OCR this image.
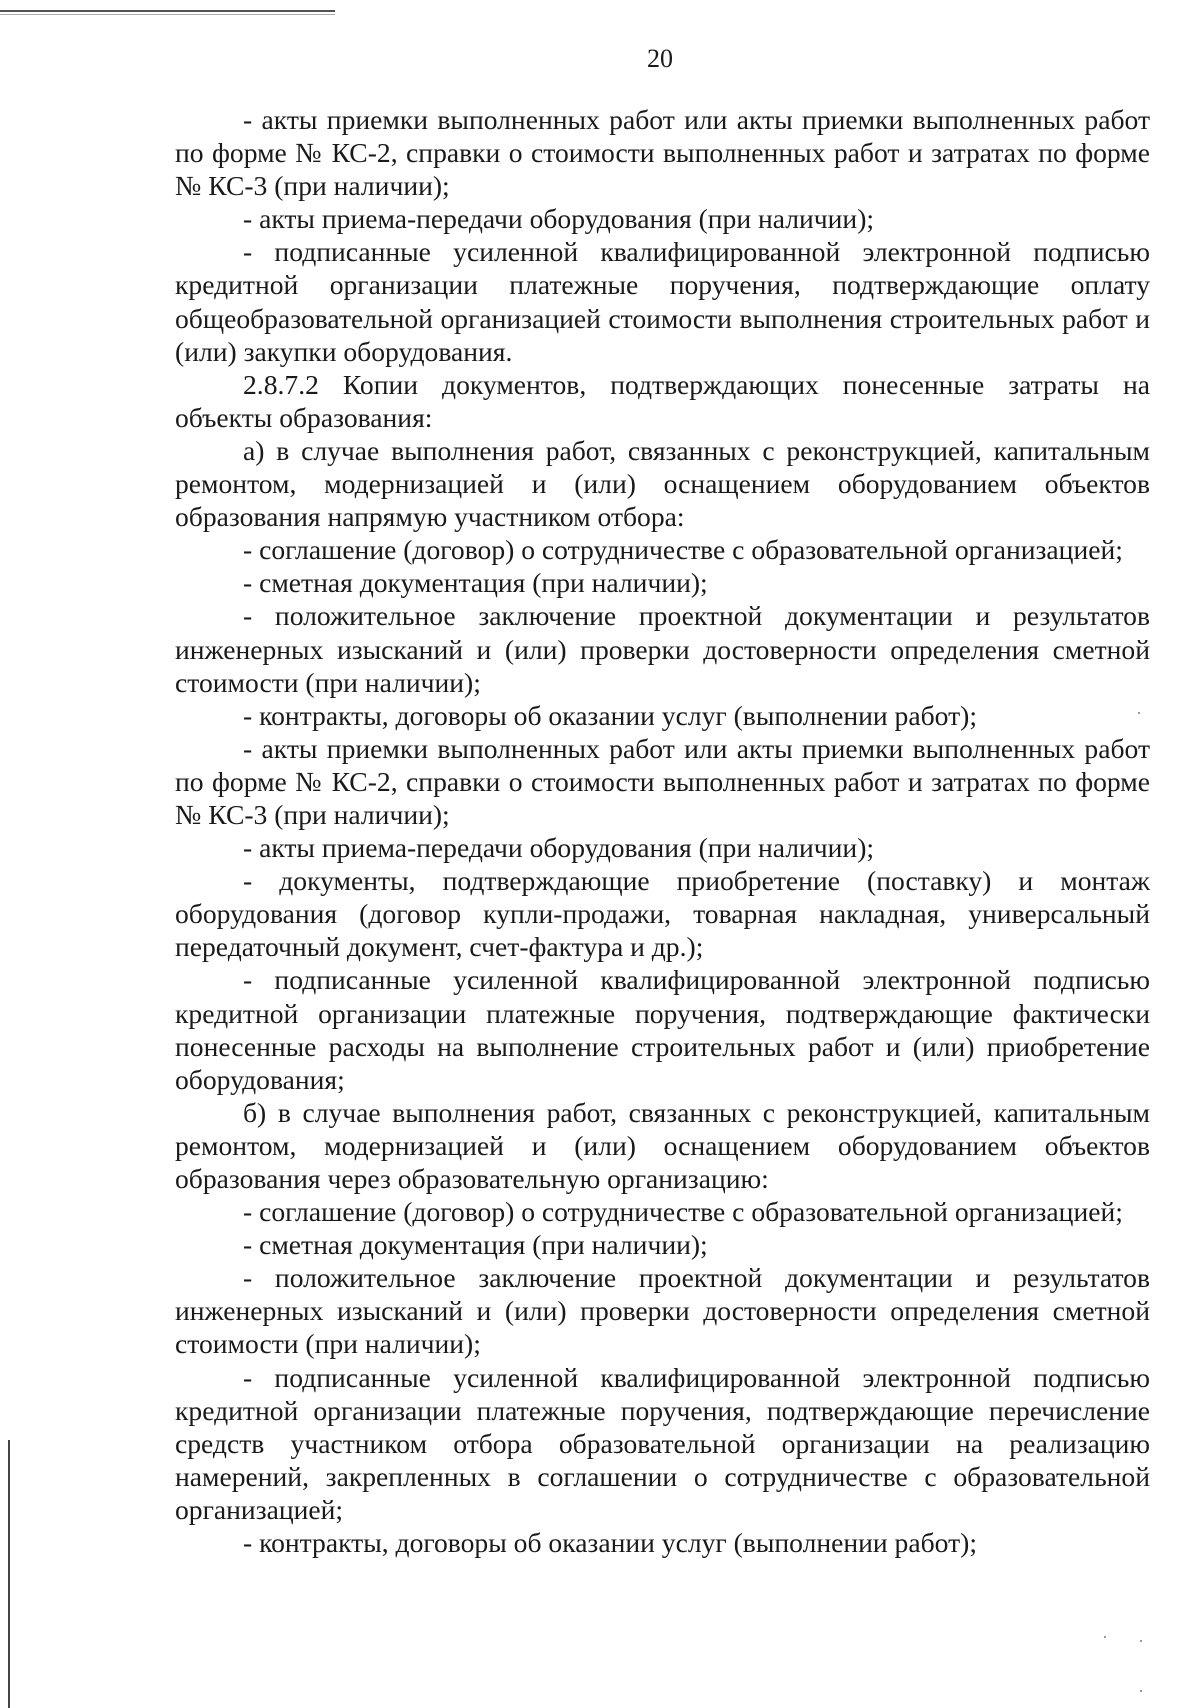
20

- акты приемки выполненных работ или акты приемки выполненных работ по форме № КС-2, справки о стоимости выполненных работ и затратах по форме № КС-3 (при наличии);

- акты приема-передачи оборудования (при наличии);

- подписанные усиленной квалифицированной электронной подписью кредитной организации платежные поручения, подтверждающие оплату общеобразовательной организацией стоимости выполнения строительных работ и (или) закупки оборудования.

2.8.7.2 Копии документов, подтверждающих понесенные затраты на объекты образования:

а) в случае выполнения работ, связанных с реконструкцией, капитальным ремонтом, модернизацией и (или) оснащением оборудованием объектов образования напрямую участником отбора:

- соглашение (договор) о сотрудничестве с образовательной организацией;

- сметная документация (при наличии);

- положительное заключение проектной документации и результатов инженерных изысканий и (или) проверки достоверности определения сметной стоимости (при наличии);

- контракты, договоры об оказании услуг (выполнении работ);

- акты приемки выполненных работ или акты приемки выполненных работ по форме № КС-2, справки о стоимости выполненных работ и затратах по форме № КС-3 (при наличии);

- акты приема-передачи оборудования (при наличии);

- документы, подтверждающие приобретение (поставку) и монтаж оборудования (договор купли-продажи, товарная накладная, универсальный передаточный документ, счет-фактура и др.);

- подписанные усиленной квалифицированной электронной подписью кредитной организации платежные поручения, подтверждающие фактически понесенные расходы на выполнение строительных работ и (или) приобретение оборудования;

б) в случае выполнения работ, связанных с реконструкцией, капитальным ремонтом, модернизацией и (или) оснащением оборудованием объектов образования через образовательную организацию:

- соглашение (договор) о сотрудничестве с образовательной организацией;

- сметная документация (при наличии);

- положительное заключение проектной документации и результатов инженерных изысканий и (или) проверки достоверности определения сметной стоимости (при наличии);

- подписанные усиленной квалифицированной электронной подписью кредитной организации платежные поручения, подтверждающие перечисление средств участником отбора образовательной организации на реализацию намерений, закрепленных в соглашении о сотрудничестве с образовательной организацией;

- контракты, договоры об оказании услуг (выполнении работ);
